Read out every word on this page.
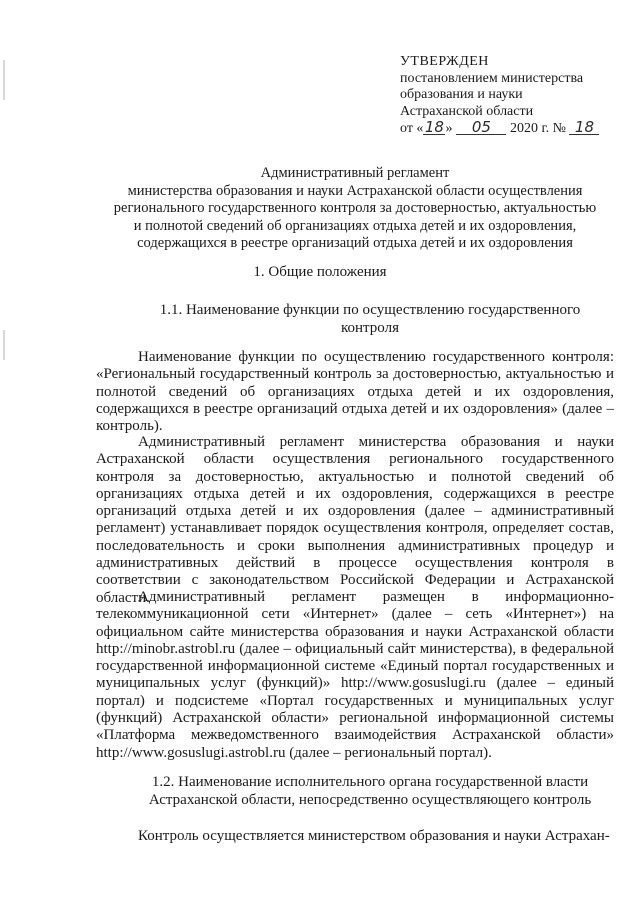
УТВЕРЖДЕН
постановлением министерства
образования и науки
Астраханской области
от «18» 05 2020 г. № 18
Административный регламент
министерства образования и науки Астраханской области осуществления
регионального государственного контроля за достоверностью, актуальностью
и полнотой сведений об организациях отдыха детей и их оздоровления,
содержащихся в реестре организаций отдыха детей и их оздоровления
1. Общие положения
1.1. Наименование функции по осуществлению государственного контроля
Наименование функции по осуществлению государственного контроля: «Региональный государственный контроль за достоверностью, актуальностью и полнотой сведений об организациях отдыха детей и их оздоровления, содержащихся в реестре организаций отдыха детей и их оздоровления» (далее – контроль).
Административный регламент министерства образования и науки Астраханской области осуществления регионального государственного контроля за достоверностью, актуальностью и полнотой сведений об организациях отдыха детей и их оздоровления, содержащихся в реестре организаций отдыха детей и их оздоровления (далее – административный регламент) устанавливает порядок осуществления контроля, определяет состав, последовательность и сроки выполнения административных процедур и административных действий в процессе осуществления контроля в соответствии с законодательством Российской Федерации и Астраханской области.
Административный регламент размещен в информационно-телекоммуникационной сети «Интернет» (далее – сеть «Интернет») на официальном сайте министерства образования и науки Астраханской области http://minobr.astrobl.ru (далее – официальный сайт министерства), в федеральной государственной информационной системе «Единый портал государственных и муниципальных услуг (функций)» http://www.gosuslugi.ru (далее – единый портал) и подсистеме «Портал государственных и муниципальных услуг (функций) Астраханской области» региональной информационной системы «Платформа межведомственного взаимодействия Астраханской области» http://www.gosuslugi.astrobl.ru (далее – региональный портал).
1.2. Наименование исполнительного органа государственной власти Астраханской области, непосредственно осуществляющего контроль
Контроль осуществляется министерством образования и науки Астрахан-
